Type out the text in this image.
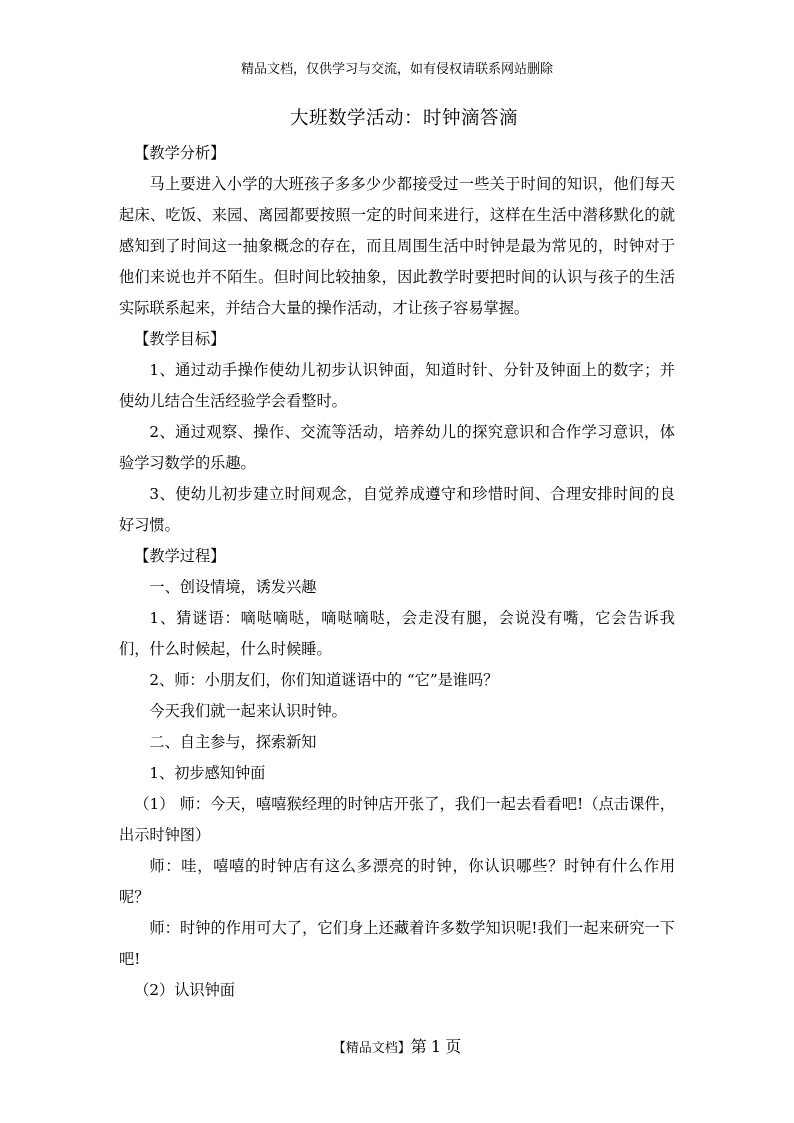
精品文档，仅供学习与交流，如有侵权请联系网站删除
大班数学活动：时钟滴答滴

【教学分析】

马上要进入小学的大班孩子多多少少都接受过一些关于时间的知识，他们每天起床、吃饭、来园、离园都要按照一定的时间来进行，这样在生活中潜移默化的就感知到了时间这一抽象概念的存在，而且周围生活中时钟是最为常见的，时钟对于他们来说也并不陌生。但时间比较抽象，因此教学时要把时间的认识与孩子的生活实际联系起来，并结合大量的操作活动，才让孩子容易掌握。

【教学目标】

1、通过动手操作使幼儿初步认识钟面，知道时针、分针及钟面上的数字；并使幼儿结合生活经验学会看整时。

2、通过观察、操作、交流等活动，培养幼儿的探究意识和合作学习意识，体验学习数学的乐趣。

3、使幼儿初步建立时间观念，自觉养成遵守和珍惜时间、合理安排时间的良好习惯。

【教学过程】

一、创设情境，诱发兴趣

1、猜谜语：嘀哒嘀哒，嘀哒嘀哒，会走没有腿，会说没有嘴，它会告诉我们，什么时候起，什么时候睡。

2、师：小朋友们，你们知道谜语中的 “它”是谁吗？

今天我们就一起来认识时钟。

二、自主参与，探索新知

1、初步感知钟面

（1） 师：今天，嘻嘻猴经理的时钟店开张了，我们一起去看看吧!（点击课件，出示时钟图）

师：哇，嘻嘻的时钟店有这么多漂亮的时钟，你认识哪些？时钟有什么作用呢？

师：时钟的作用可大了，它们身上还藏着许多数学知识呢!我们一起来研究一下吧!

（2）认识钟面

【精品文档】第 1 页
